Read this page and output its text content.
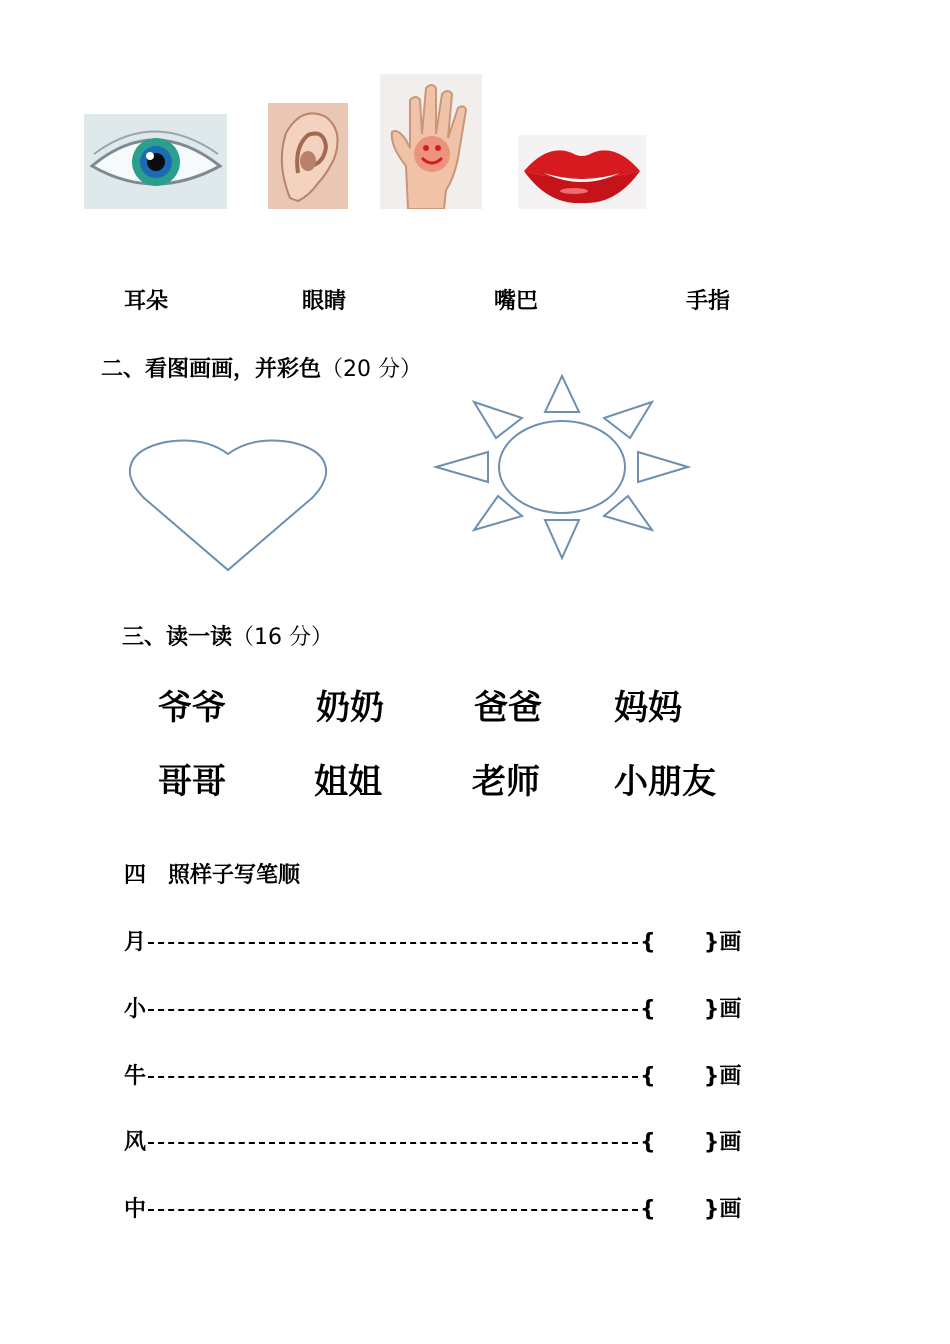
耳朵	眼睛	嘴巴	手指
二、看图画画，并彩色（20 分）
三、读一读（16 分）
爷爷	奶奶	爸爸 妈妈
哥哥	姐姐	老师 小朋友
四　照样子写笔顺
月	{ }画
小	{ }画
牛	{ }画
风	{ }画
中	{ }画
